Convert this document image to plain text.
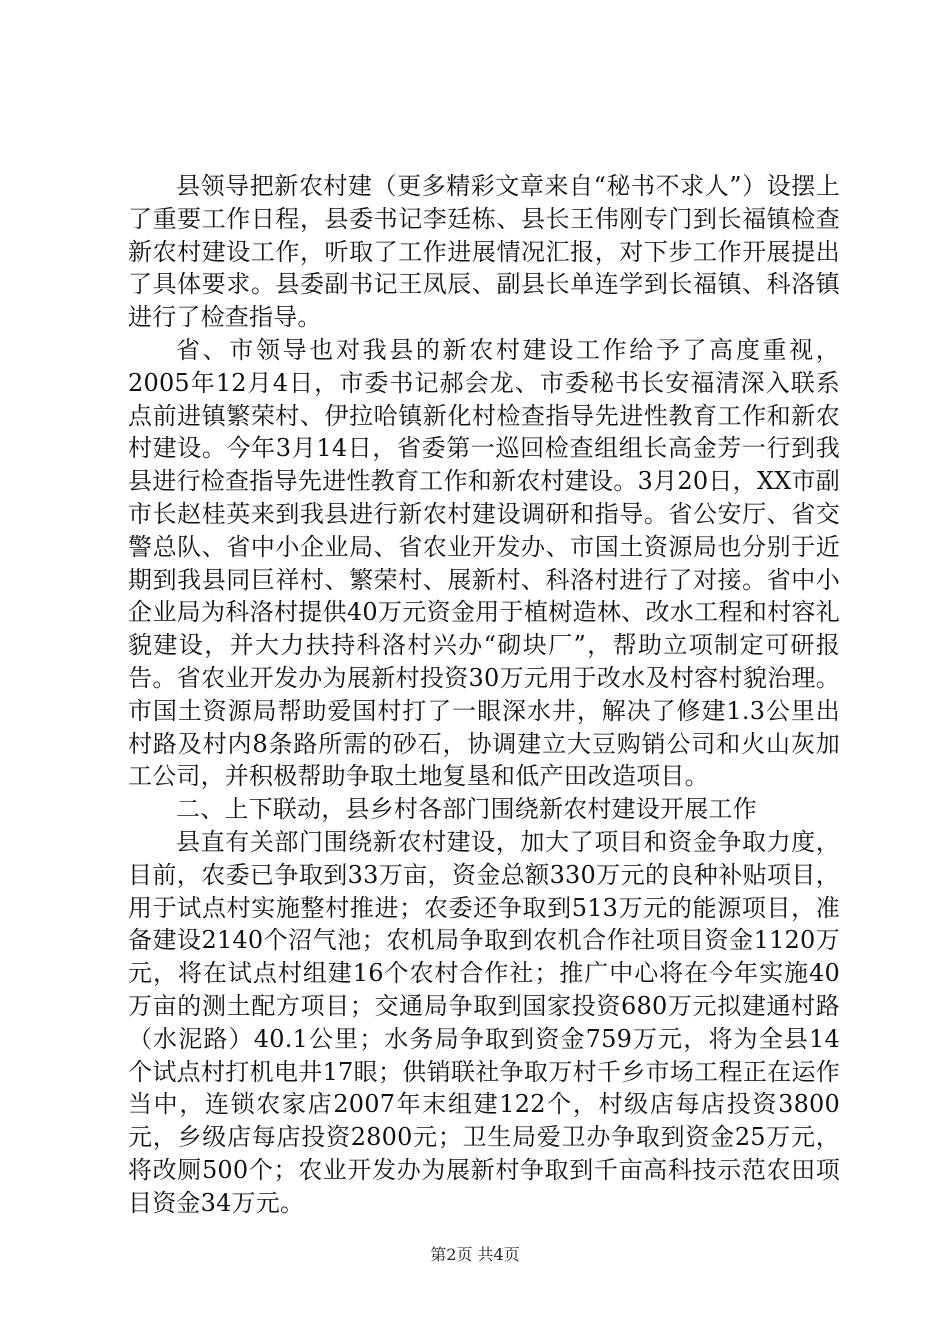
县领导把新农村建（更多精彩文章来自“秘书不求人”）设摆上了重要工作日程，县委书记李廷栋、县长王伟刚专门到长福镇检查新农村建设工作，听取了工作进展情况汇报，对下步工作开展提出了具体要求。县委副书记王凤辰、副县长单连学到长福镇、科洛镇进行了检查指导。

省、市领导也对我县的新农村建设工作给予了高度重视，2005年12月4日，市委书记郝会龙、市委秘书长安福清深入联系点前进镇繁荣村、伊拉哈镇新化村检查指导先进性教育工作和新农村建设。今年3月14日，省委第一巡回检查组组长高金芳一行到我县进行检查指导先进性教育工作和新农村建设。3月20日，XX市副市长赵桂英来到我县进行新农村建设调研和指导。省公安厅、省交警总队、省中小企业局、省农业开发办、市国土资源局也分别于近期到我县同巨祥村、繁荣村、展新村、科洛村进行了对接。省中小企业局为科洛村提供40万元资金用于植树造林、改水工程和村容礼貌建设，并大力扶持科洛村兴办“砌块厂”，帮助立项制定可研报告。省农业开发办为展新村投资30万元用于改水及村容村貌治理。市国土资源局帮助爱国村打了一眼深水井，解决了修建1.3公里出村路及村内8条路所需的砂石，协调建立大豆购销公司和火山灰加工公司，并积极帮助争取土地复垦和低产田改造项目。

二、上下联动，县乡村各部门围绕新农村建设开展工作

县直有关部门围绕新农村建设，加大了项目和资金争取力度，目前，农委已争取到33万亩，资金总额330万元的良种补贴项目，用于试点村实施整村推进；农委还争取到513万元的能源项目，准备建设2140个沼气池；农机局争取到农机合作社项目资金1120万元，将在试点村组建16个农村合作社；推广中心将在今年实施40万亩的测土配方项目；交通局争取到国家投资680万元拟建通村路（水泥路）40.1公里；水务局争取到资金759万元，将为全县14个试点村打机电井17眼；供销联社争取万村千乡市场工程正在运作当中，连锁农家店2007年末组建122个，村级店每店投资3800元，乡级店每店投资2800元；卫生局爱卫办争取到资金25万元，将改厕500个；农业开发办为展新村争取到千亩高科技示范农田项目资金34万元。

第2页 共4页
